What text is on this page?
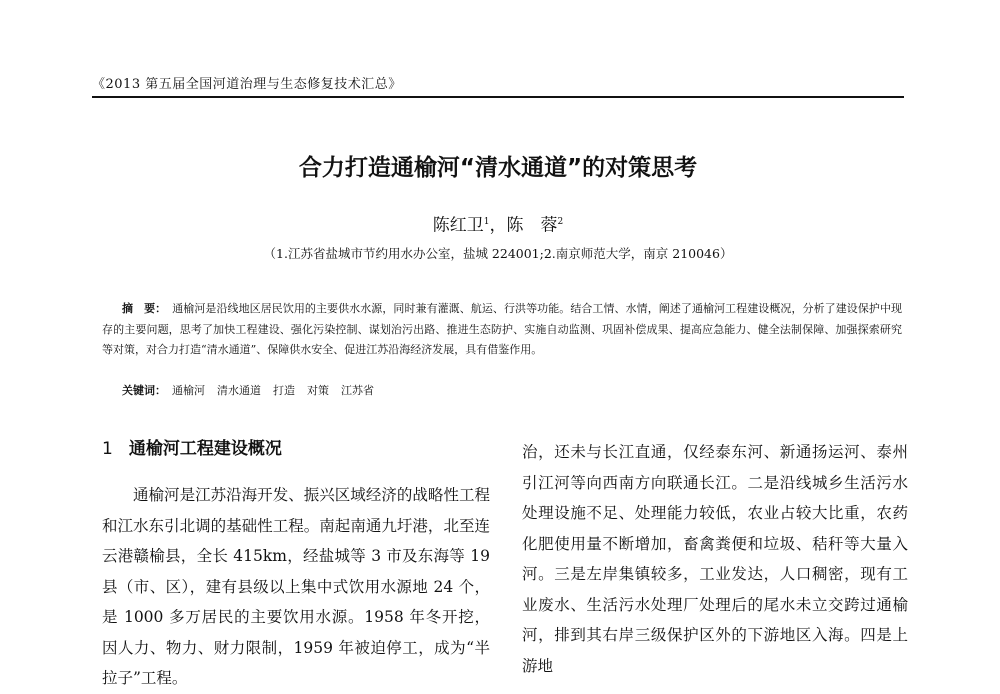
《2013 第五届全国河道治理与生态修复技术汇总》
合力打造通榆河“清水通道”的对策思考
陈红卫$^1$，陈　蓉$^2$
（1.江苏省盐城市节约用水办公室，盐城 224001;2.南京师范大学，南京 210046）
摘　要： 通榆河是沿线地区居民饮用的主要供水水源，同时兼有灌溉、航运、行洪等功能。结合工情、水情，阐述了通榆河工程建设概况，分析了建设保护中现存的主要问题，思考了加快工程建设、强化污染控制、谋划治污出路、推进生态防护、实施自动监测、巩固补偿成果、提高应急能力、健全法制保障、加强探索研究等对策，对合力打造“清水通道”、保障供水安全、促进江苏沿海经济发展，具有借鉴作用。
关键词： 通榆河 清水通道 打造 对策 江苏省
1 通榆河工程建设概况
通榆河是江苏沿海开发、振兴区域经济的战略性工程和江水东引北调的基础性工程。南起南通九圩港，北至连云港赣榆县，全长 415km，经盐城等 3 市及东海等 19 县（市、区），建有县级以上集中式饮用水源地 24 个，是 1000 多万居民的主要饮用水源。1958 年冬开挖，因人力、物力、财力限制，1959 年被迫停工，成为“半拉子”工程。
治，还未与长江直通，仅经泰东河、新通扬运河、泰州引江河等向西南方向联通长江。二是沿线城乡生活污水处理设施不足、处理能力较低，农业占较大比重，农药化肥使用量不断增加，畜禽粪便和垃圾、秸秆等大量入河。三是左岸集镇较多，工业发达，人口稠密，现有工业废水、生活污水处理厂处理后的尾水未立交跨过通榆河，排到其右岸三级保护区外的下游地区入海。四是上游地
